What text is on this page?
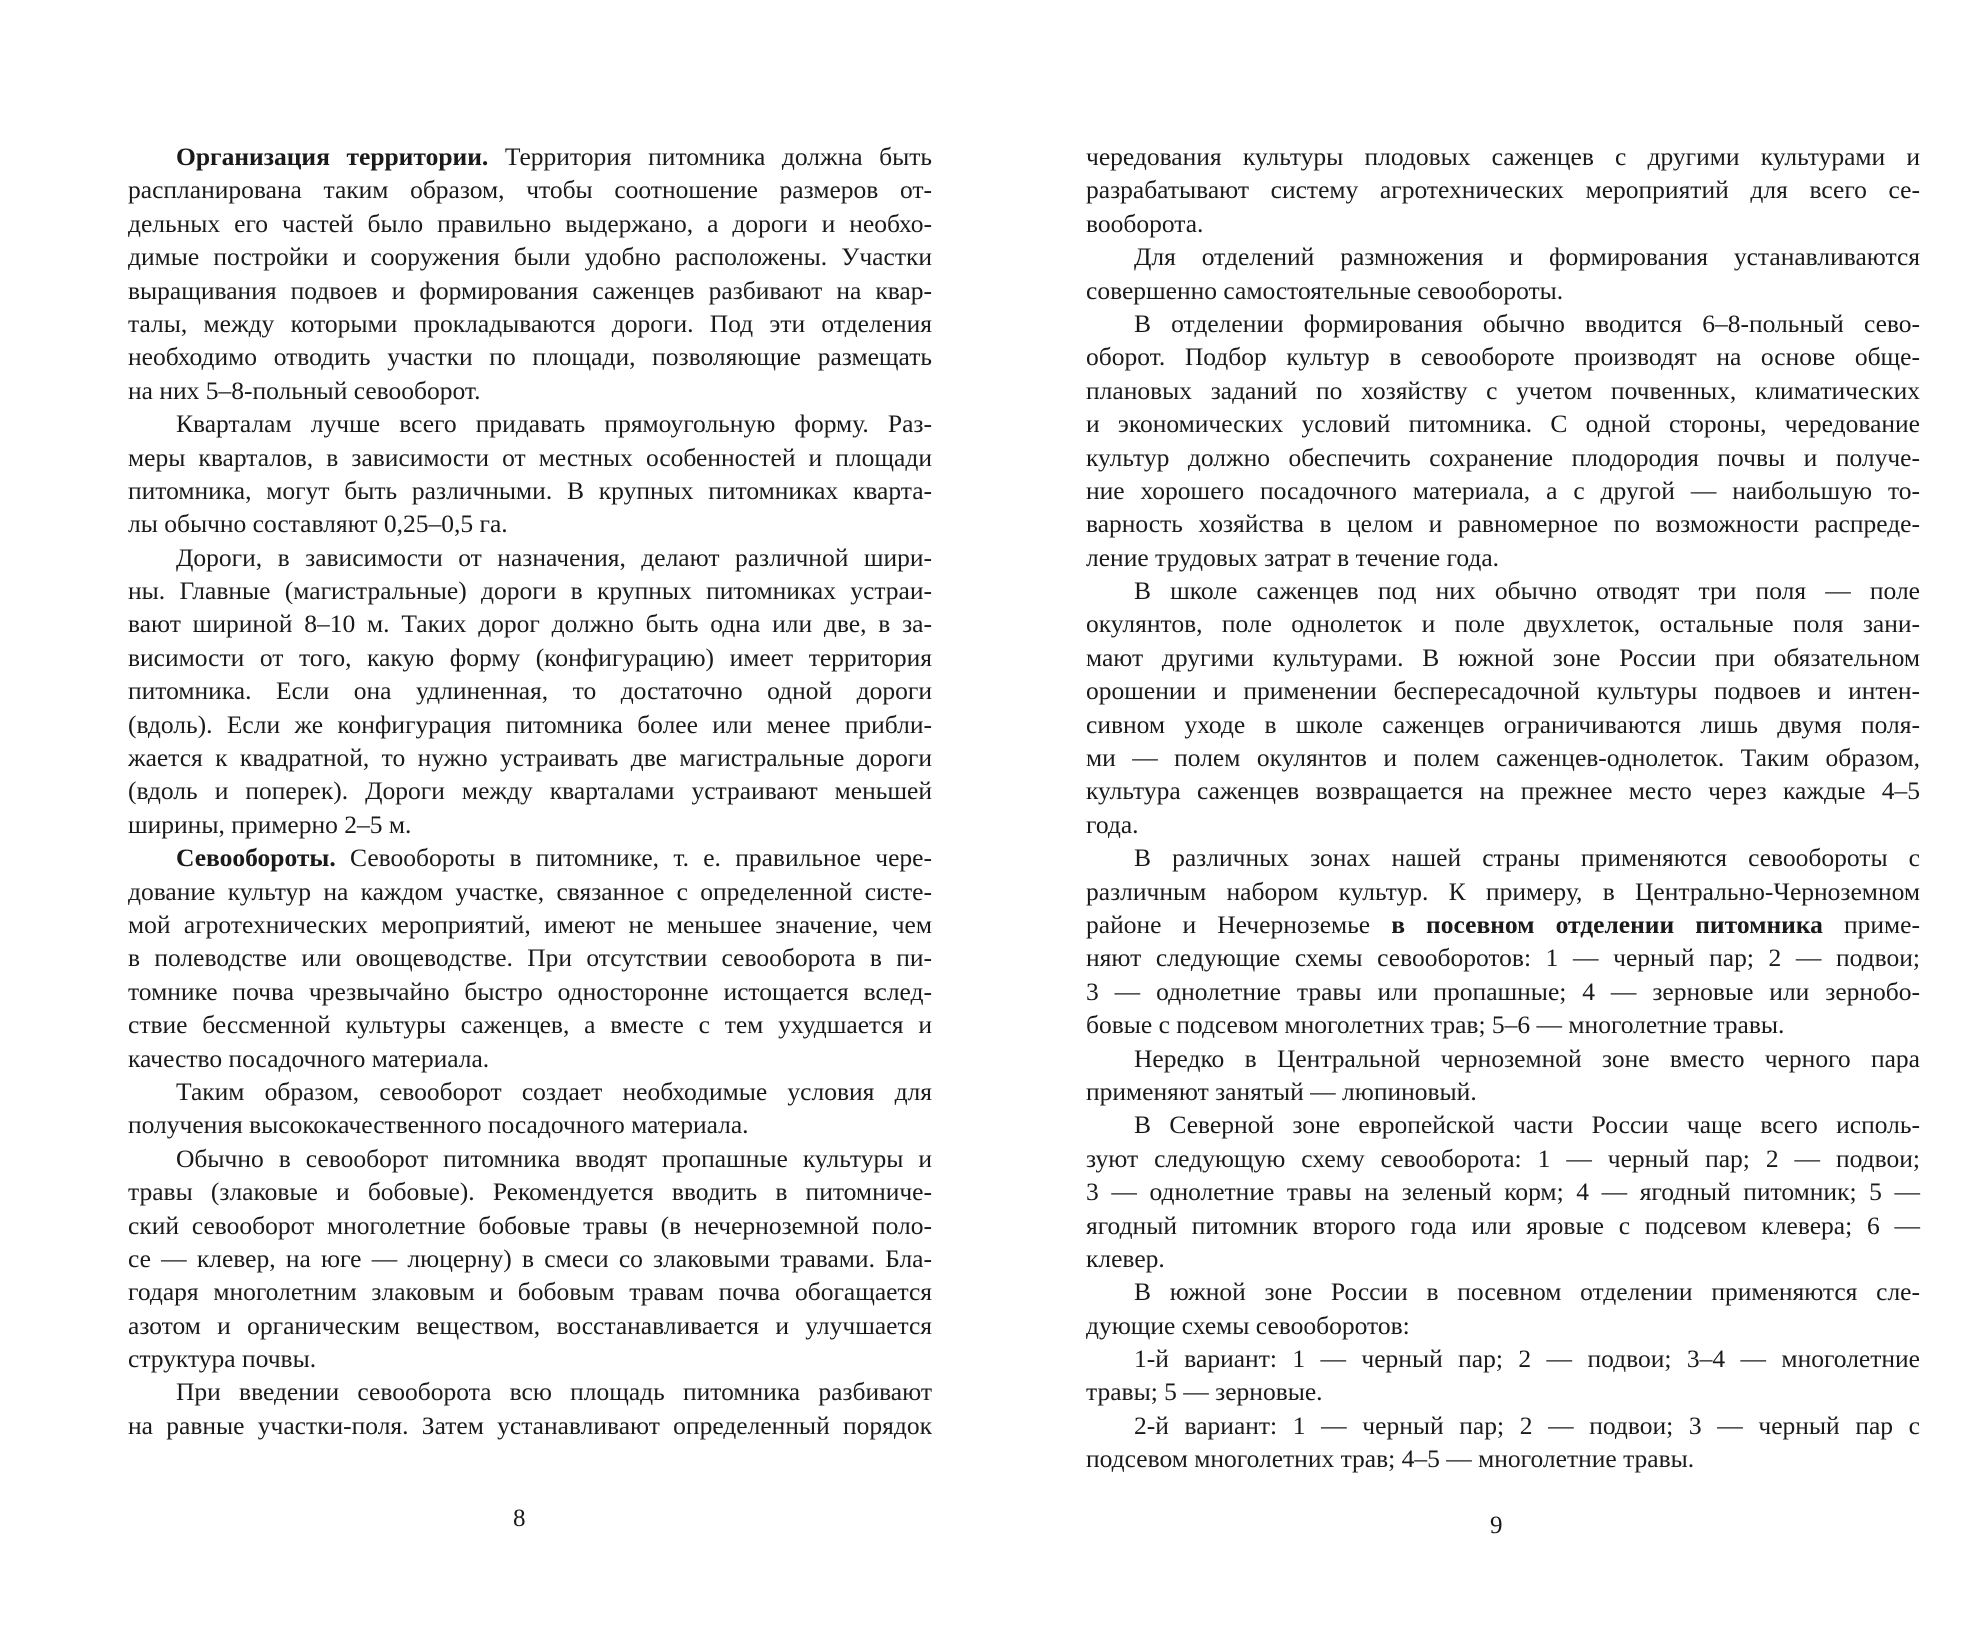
Организация территории. Территория питомника должна быть
распланирована таким образом, чтобы соотношение размеров от-
дельных его частей было правильно выдержано, а дороги и необхо-
димые постройки и сооружения были удобно расположены. Участки
выращивания подвоев и формирования саженцев разбивают на квар-
талы, между которыми прокладываются дороги. Под эти отделения
необходимо отводить участки по площади, позволяющие размещать
на них 5–8-польный севооборот.
Кварталам лучше всего придавать прямоугольную форму. Раз-
меры кварталов, в зависимости от местных особенностей и площади
питомника, могут быть различными. В крупных питомниках кварта-
лы обычно составляют 0,25–0,5 га.
Дороги, в зависимости от назначения, делают различной шири-
ны. Главные (магистральные) дороги в крупных питомниках устраи-
вают шириной 8–10 м. Таких дорог должно быть одна или две, в за-
висимости от того, какую форму (конфигурацию) имеет территория
питомника. Если она удлиненная, то достаточно одной дороги
(вдоль). Если же конфигурация питомника более или менее прибли-
жается к квадратной, то нужно устраивать две магистральные дороги
(вдоль и поперек). Дороги между кварталами устраивают меньшей
ширины, примерно 2–5 м.
Севообороты. Севообороты в питомнике, т. е. правильное чере-
дование культур на каждом участке, связанное с определенной систе-
мой агротехнических мероприятий, имеют не меньшее значение, чем
в полеводстве или овощеводстве. При отсутствии севооборота в пи-
томнике почва чрезвычайно быстро односторонне истощается вслед-
ствие бессменной культуры саженцев, а вместе с тем ухудшается и
качество посадочного материала.
Таким образом, севооборот создает необходимые условия для
получения высококачественного посадочного материала.
Обычно в севооборот питомника вводят пропашные культуры и
травы (злаковые и бобовые). Рекомендуется вводить в питомниче-
ский севооборот многолетние бобовые травы (в нечерноземной поло-
се — клевер, на юге — люцерну) в смеси со злаковыми травами. Бла-
годаря многолетним злаковым и бобовым травам почва обогащается
азотом и органическим веществом, восстанавливается и улучшается
структура почвы.
При введении севооборота всю площадь питомника разбивают
на равные участки-поля. Затем устанавливают определенный порядок
чередования культуры плодовых саженцев с другими культурами и
разрабатывают систему агротехнических мероприятий для всего се-
вооборота.
Для отделений размножения и формирования устанавливаются
совершенно самостоятельные севообороты.
В отделении формирования обычно вводится 6–8-польный сево-
оборот. Подбор культур в севообороте производят на основе обще-
плановых заданий по хозяйству с учетом почвенных, климатических
и экономических условий питомника. С одной стороны, чередование
культур должно обеспечить сохранение плодородия почвы и получе-
ние хорошего посадочного материала, а с другой — наибольшую то-
варность хозяйства в целом и равномерное по возможности распреде-
ление трудовых затрат в течение года.
В школе саженцев под них обычно отводят три поля — поле
окулянтов, поле однолеток и поле двухлеток, остальные поля зани-
мают другими культурами. В южной зоне России при обязательном
орошении и применении беспересадочной культуры подвоев и интен-
сивном уходе в школе саженцев ограничиваются лишь двумя поля-
ми — полем окулянтов и полем саженцев-однолеток. Таким образом,
культура саженцев возвращается на прежнее место через каждые 4–5
года.
В различных зонах нашей страны применяются севообороты с
различным набором культур. К примеру, в Центрально-Черноземном
районе и Нечерноземье в посевном отделении питомника приме-
няют следующие схемы севооборотов: 1 — черный пар; 2 — подвои;
3 — однолетние травы или пропашные; 4 — зерновые или зернобо-
бовые с подсевом многолетних трав; 5–6 — многолетние травы.
Нередко в Центральной черноземной зоне вместо черного пара
применяют занятый — люпиновый.
В Северной зоне европейской части России чаще всего исполь-
зуют следующую схему севооборота: 1 — черный пар; 2 — подвои;
3 — однолетние травы на зеленый корм; 4 — ягодный питомник; 5 —
ягодный питомник второго года или яровые с подсевом клевера; 6 —
клевер.
В южной зоне России в посевном отделении применяются сле-
дующие схемы севооборотов:
1-й вариант: 1 — черный пар; 2 — подвои; 3–4 — многолетние
травы; 5 — зерновые.
2-й вариант: 1 — черный пар; 2 — подвои; 3 — черный пар с
подсевом многолетних трав; 4–5 — многолетние травы.
8	9
